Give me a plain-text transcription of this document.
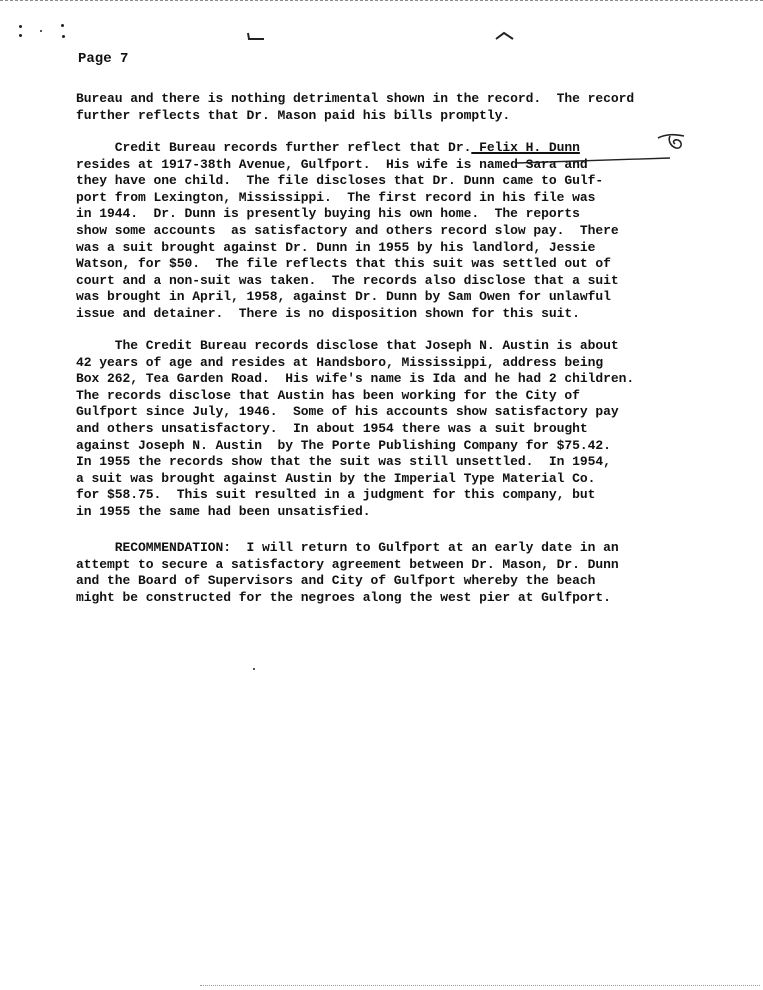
Page 7
Bureau and there is nothing detrimental shown in the record.  The record
further reflects that Dr. Mason paid his bills promptly.
Credit Bureau records further reflect that Dr. Felix H. Dunn
resides at 1917-38th Avenue, Gulfport.  His wife is named Sara and
they have one child.  The file discloses that Dr. Dunn came to Gulf-
port from Lexington, Mississippi.  The first record in his file was
in 1944.  Dr. Dunn is presently buying his own home.  The reports
show some accounts  as satisfactory and others record slow pay.  There
was a suit brought against Dr. Dunn in 1955 by his landlord, Jessie
Watson, for $50.  The file reflects that this suit was settled out of
court and a non-suit was taken.  The records also disclose that a suit
was brought in April, 1958, against Dr. Dunn by Sam Owen for unlawful
issue and detainer.  There is no disposition shown for this suit.
The Credit Bureau records disclose that Joseph N. Austin is about
42 years of age and resides at Handsboro, Mississippi, address being
Box 262, Tea Garden Road.  His wife's name is Ida and he had 2 children.
The records disclose that Austin has been working for the City of
Gulfport since July, 1946.  Some of his accounts show satisfactory pay
and others unsatisfactory.  In about 1954 there was a suit brought
against Joseph N. Austin  by The Porte Publishing Company for $75.42.
In 1955 the records show that the suit was still unsettled.  In 1954,
a suit was brought against Austin by the Imperial Type Material Co.
for $58.75.  This suit resulted in a judgment for this company, but
in 1955 the same had been unsatisfied.
RECOMMENDATION:  I will return to Gulfport at an early date in an
attempt to secure a satisfactory agreement between Dr. Mason, Dr. Dunn
and the Board of Supervisors and City of Gulfport whereby the beach
might be constructed for the negroes along the west pier at Gulfport.
